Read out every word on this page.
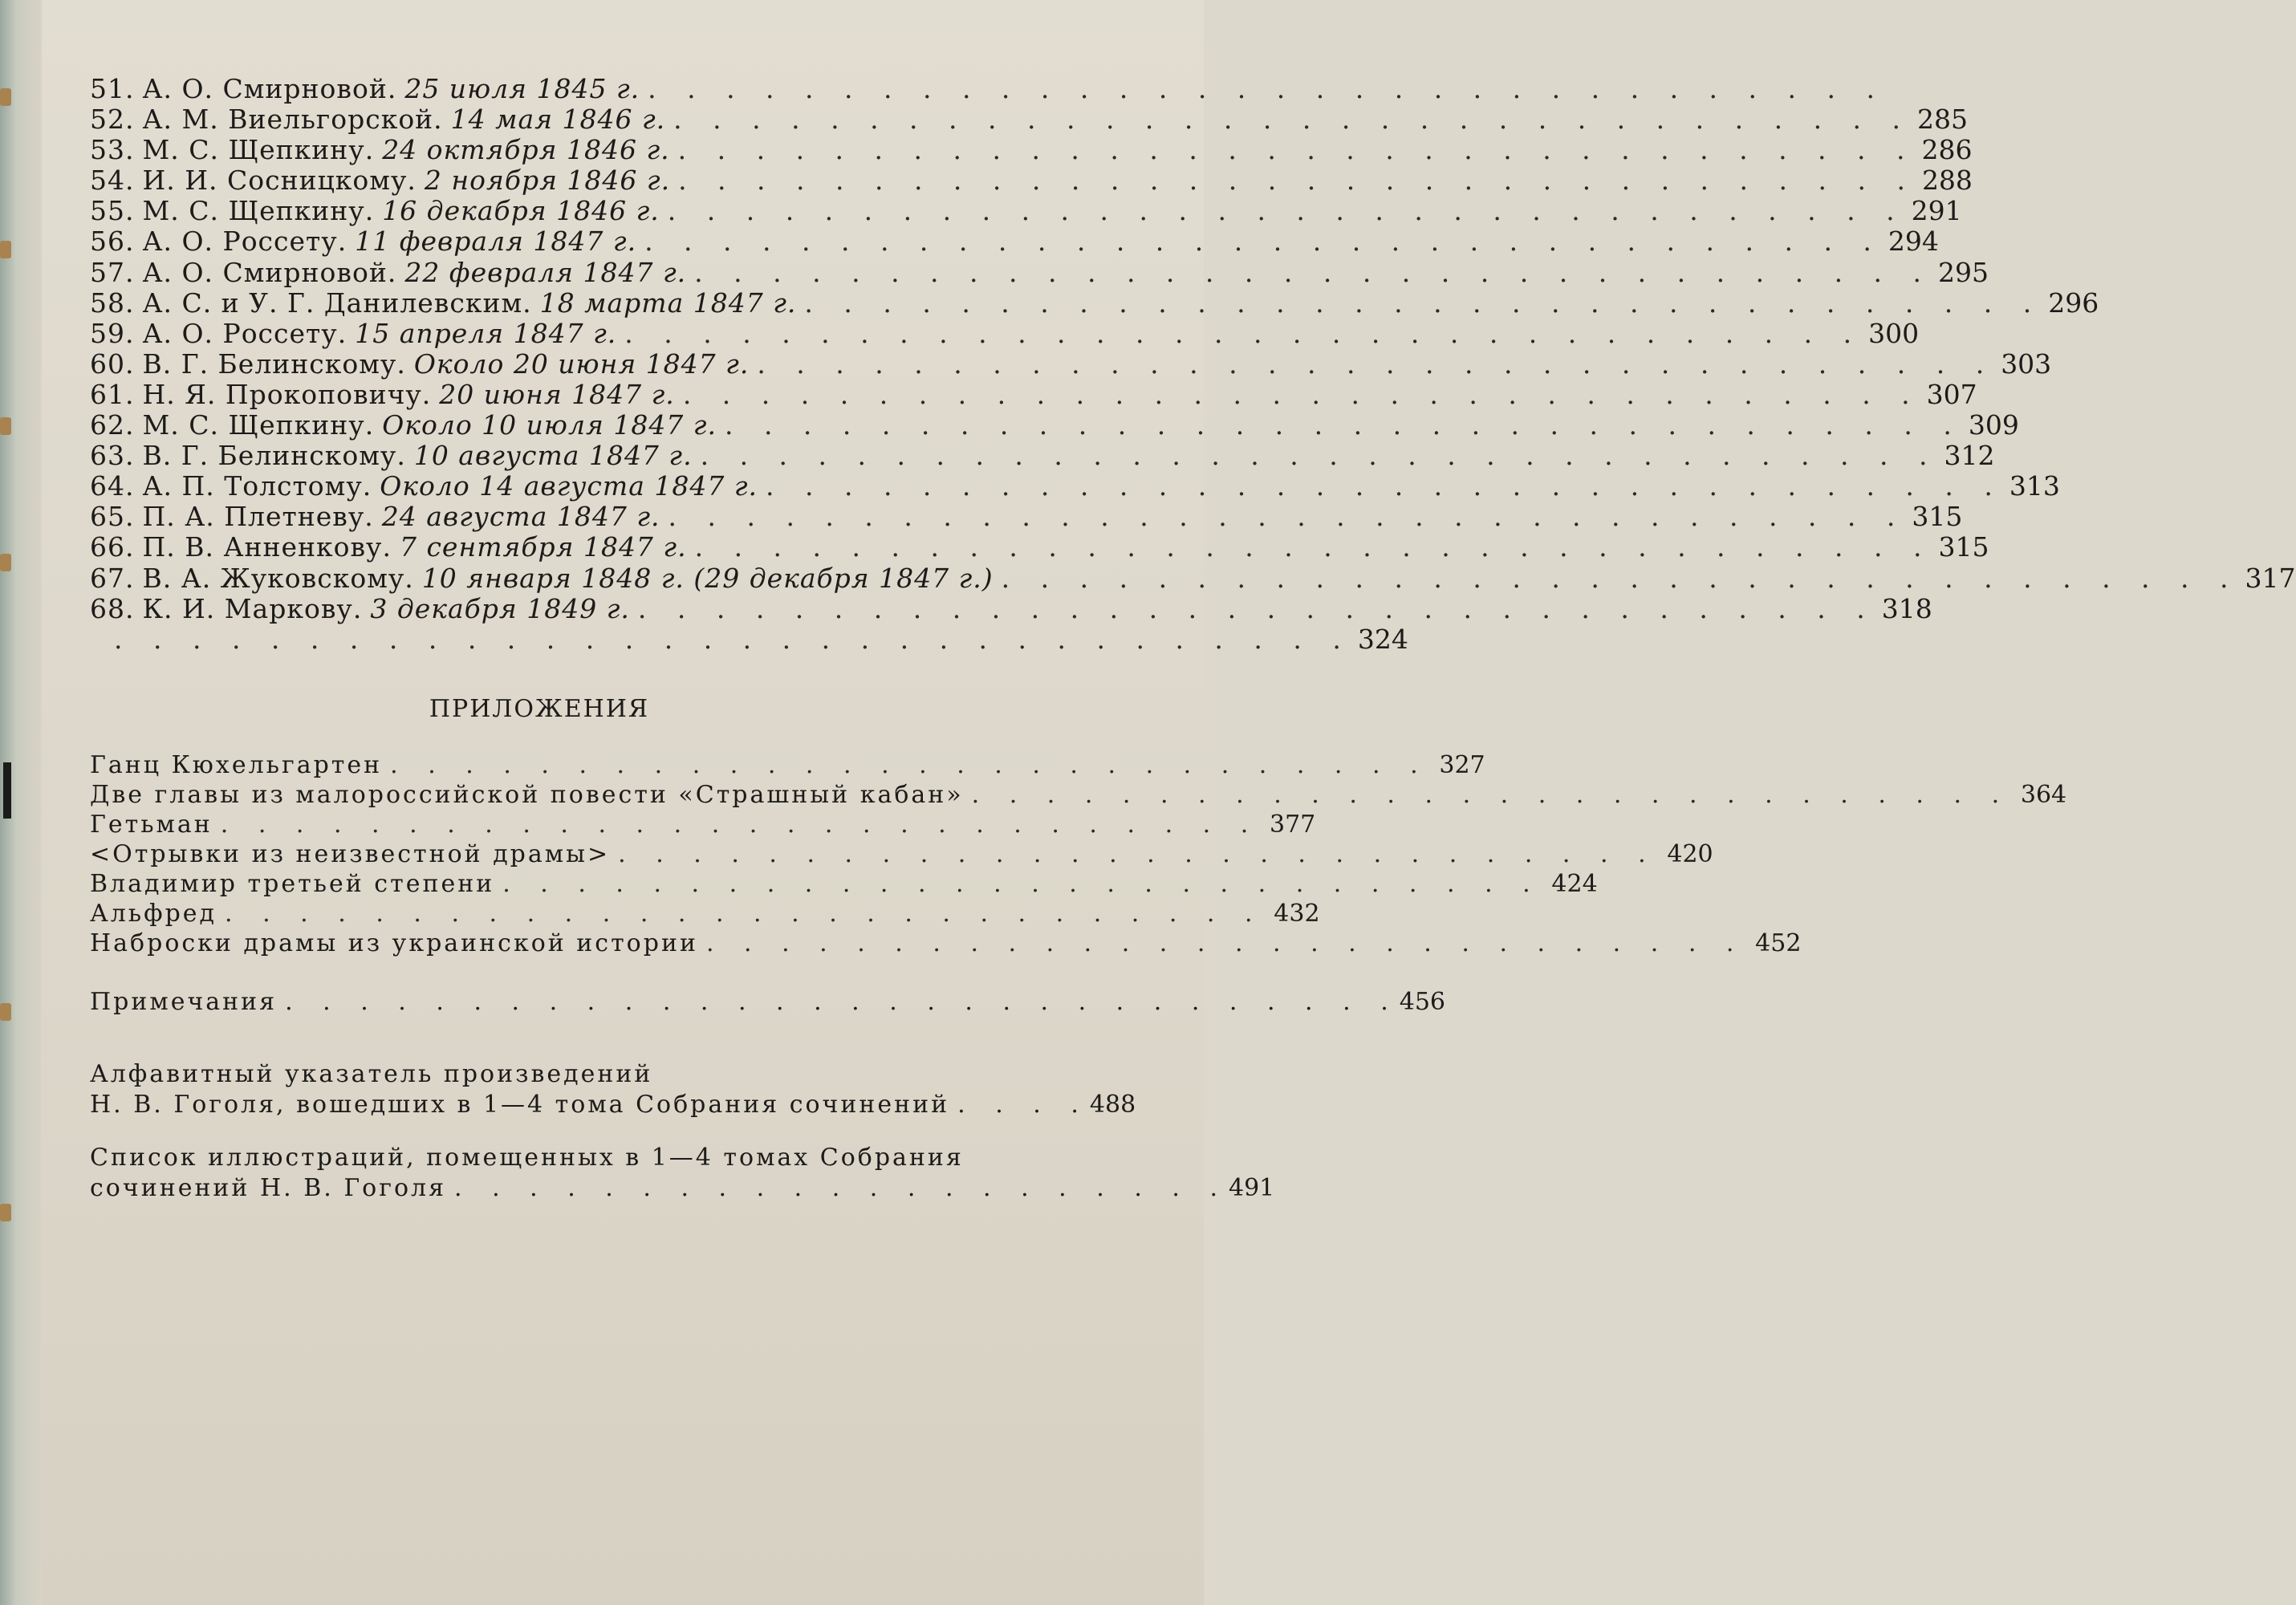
51. А. О. Смирновой. 25 июля 1845 г. . . . . . . . . . . . . . . . . . . . . . . . . . . . . . . . .
52. А. М. Виельгорской. 14 мая 1846 г. . . . . . . . . . . . . . . . . . . . . . . . . . . . . . . . . 285
53. М. С. Щепкину. 24 октября 1846 г. . . . . . . . . . . . . . . . . . . . . . . . . . . . . . . . . 286
54. И. И. Сосницкому. 2 ноября 1846 г. . . . . . . . . . . . . . . . . . . . . . . . . . . . . . . . . 288
55. М. С. Щепкину. 16 декабря 1846 г. . . . . . . . . . . . . . . . . . . . . . . . . . . . . . . . . 291
56. А. О. Россету. 11 февраля 1847 г. . . . . . . . . . . . . . . . . . . . . . . . . . . . . . . . . 294
57. А. О. Смирновой. 22 февраля 1847 г. . . . . . . . . . . . . . . . . . . . . . . . . . . . . . . . . 295
58. А. С. и У. Г. Данилевским. 18 марта 1847 г. . . . . . . . . . . . . . . . . . . . . . . . . . . . . . . . . 296
59. А. О. Россету. 15 апреля 1847 г. . . . . . . . . . . . . . . . . . . . . . . . . . . . . . . . . 300
60. В. Г. Белинскому. Около 20 июня 1847 г. . . . . . . . . . . . . . . . . . . . . . . . . . . . . . . . . 303
61. Н. Я. Прокоповичу. 20 июня 1847 г. . . . . . . . . . . . . . . . . . . . . . . . . . . . . . . . . 307
62. М. С. Щепкину. Около 10 июля 1847 г. . . . . . . . . . . . . . . . . . . . . . . . . . . . . . . . . 309
63. В. Г. Белинскому. 10 августа 1847 г. . . . . . . . . . . . . . . . . . . . . . . . . . . . . . . . . 312
64. А. П. Толстому. Около 14 августа 1847 г. . . . . . . . . . . . . . . . . . . . . . . . . . . . . . . . . 313
65. П. А. Плетневу. 24 августа 1847 г. . . . . . . . . . . . . . . . . . . . . . . . . . . . . . . . . 315
66. П. В. Анненкову. 7 сентября 1847 г. . . . . . . . . . . . . . . . . . . . . . . . . . . . . . . . . 315
67. В. А. Жуковскому. 10 января 1848 г. (29 декабря 1847 г.) . . . . . . . . . . . . . . . . . . . . . . . . . . . . . . . . 317
68. К. И. Маркову. 3 декабря 1849 г. . . . . . . . . . . . . . . . . . . . . . . . . . . . . . . . . 318
. . . . . . . . . . . . . . . . . . . . . . . . . . . . . . . . 324
ПРИЛОЖЕНИЯ
Ганц Кюхельгартен . . . . . . . . . . . . . . . . . . . . . . . . . . . . 327
Две главы из малороссийской повести «Страшный кабан» . . . . . . . . . . . . . . . . . . . . . . . . . . . . 364
Гетьман . . . . . . . . . . . . . . . . . . . . . . . . . . . . 377
<Отрывки из неизвестной драмы> . . . . . . . . . . . . . . . . . . . . . . . . . . . . 420
Владимир третьей степени . . . . . . . . . . . . . . . . . . . . . . . . . . . . 424
Альфред . . . . . . . . . . . . . . . . . . . . . . . . . . . . 432
Наброски драмы из украинской истории . . . . . . . . . . . . . . . . . . . . . . . . . . . . 452
Примечания . . . . . . . . . . . . . . . . . . . . . . . . . . . . . . 456
Алфавитный указатель произведений
Н. В. Гоголя, вошедших в 1—4 тома Собрания сочинений . . . . 488
Список иллюстраций, помещенных в 1—4 томах Собрания
сочинений Н. В. Гоголя . . . . . . . . . . . . . . . . . . . . . 491
